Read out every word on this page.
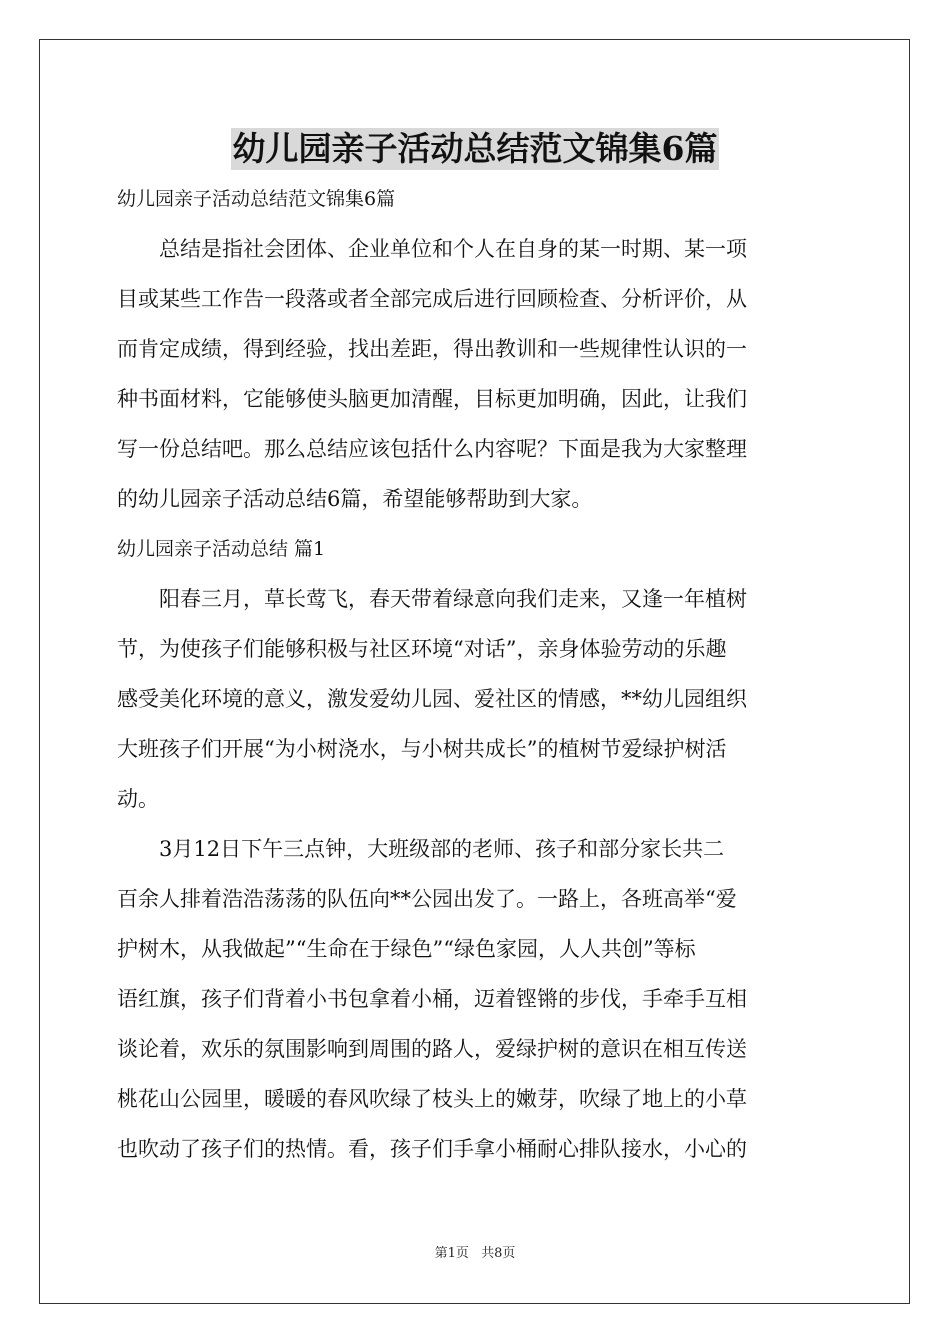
幼儿园亲子活动总结范文锦集6篇
幼儿园亲子活动总结范文锦集6篇
　　总结是指社会团体、企业单位和个人在自身的某一时期、某一项
目或某些工作告一段落或者全部完成后进行回顾检查、分析评价，从
而肯定成绩，得到经验，找出差距，得出教训和一些规律性认识的一
种书面材料，它能够使头脑更加清醒，目标更加明确，因此，让我们
写一份总结吧。那么总结应该包括什么内容呢？下面是我为大家整理
的幼儿园亲子活动总结6篇，希望能够帮助到大家。
幼儿园亲子活动总结 篇1
　　阳春三月，草长莺飞，春天带着绿意向我们走来，又逢一年植树
节，为使孩子们能够积极与社区环境“对话”，亲身体验劳动的乐趣
感受美化环境的意义，激发爱幼儿园、爱社区的情感，**幼儿园组织
大班孩子们开展“为小树浇水，与小树共成长”的植树节爱绿护树活
动。
　　3月12日下午三点钟，大班级部的老师、孩子和部分家长共二
百余人排着浩浩荡荡的队伍向**公园出发了。一路上，各班高举“爱
护树木，从我做起”“生命在于绿色”“绿色家园，人人共创”等标
语红旗，孩子们背着小书包拿着小桶，迈着铿锵的步伐，手牵手互相
谈论着，欢乐的氛围影响到周围的路人，爱绿护树的意识在相互传送
桃花山公园里，暖暖的春风吹绿了枝头上的嫩芽，吹绿了地上的小草
也吹动了孩子们的热情。看，孩子们手拿小桶耐心排队接水，小心的
第1页 共8页
